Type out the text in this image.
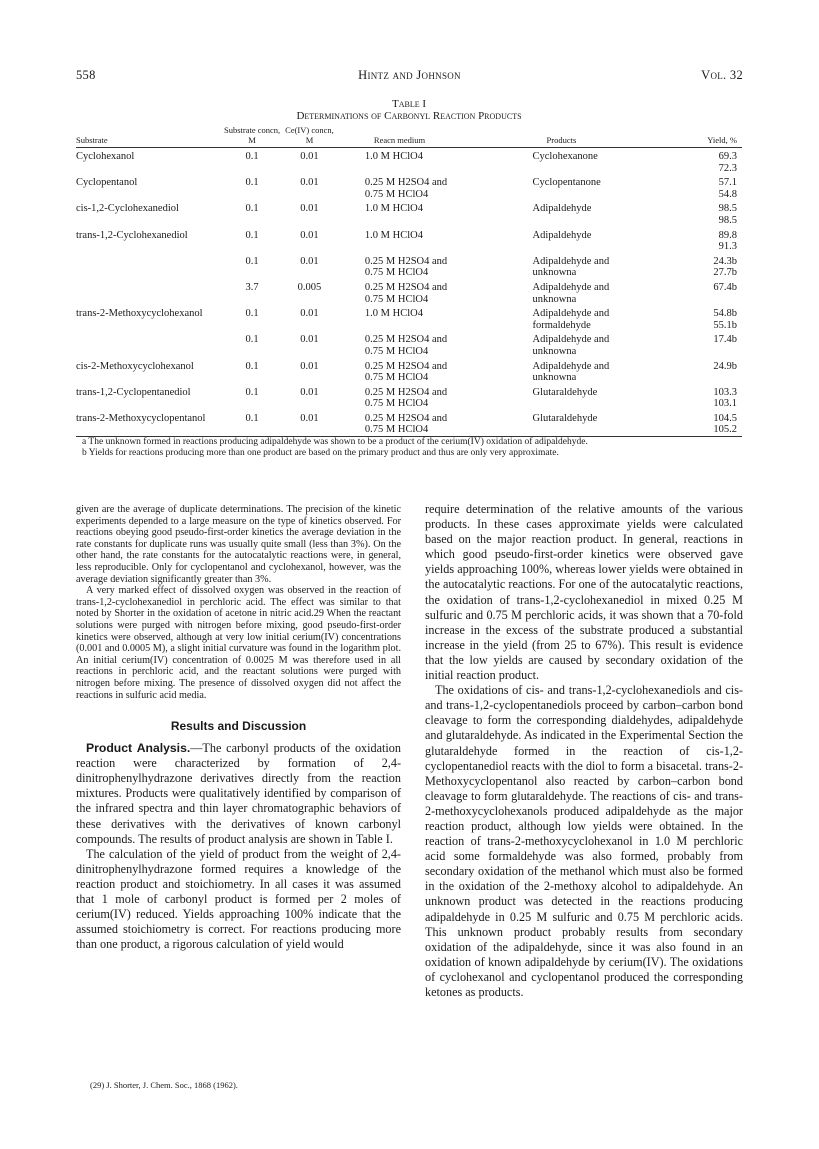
558	Hintz and Johnson	Vol. 32
Table I
Determinations of Carbonyl Reaction Products
Substrate	Substrate concn, M	Ce(IV) concn, M	Reacn medium	Products	Yield, %
Cyclohexanol	0.1	0.01	1.0 M HClO4	Cyclohexanone	69.3
					72.3
Cyclopentanol	0.1	0.01	0.25 M H2SO4 and	Cyclopentanone	57.1
			0.75 M HClO4		54.8
cis-1,2-Cyclohexanediol	0.1	0.01	1.0 M HClO4	Adipaldehyde	98.5
					98.5
trans-1,2-Cyclohexanediol	0.1	0.01	1.0 M HClO4	Adipaldehyde	89.8
					91.3
	0.1	0.01	0.25 M H2SO4 and	Adipaldehyde and	24.3b
			0.75 M HClO4	unknowna	27.7b
	3.7	0.005	0.25 M H2SO4 and	Adipaldehyde and	67.4b
			0.75 M HClO4	unknowna	
trans-2-Methoxycyclohexanol	0.1	0.01	1.0 M HClO4	Adipaldehyde and	54.8b
				formaldehyde	55.1b
	0.1	0.01	0.25 M H2SO4 and	Adipaldehyde and	17.4b
			0.75 M HClO4	unknowna	
cis-2-Methoxycyclohexanol	0.1	0.01	0.25 M H2SO4 and	Adipaldehyde and	24.9b
			0.75 M HClO4	unknowna	
trans-1,2-Cyclopentanediol	0.1	0.01	0.25 M H2SO4 and	Glutaraldehyde	103.3
			0.75 M HClO4		103.1
trans-2-Methoxycyclopentanol	0.1	0.01	0.25 M H2SO4 and	Glutaraldehyde	104.5
			0.75 M HClO4		105.2
a The unknown formed in reactions producing adipaldehyde was shown to be a product of the cerium(IV) oxidation of adipaldehyde.
b Yields for reactions producing more than one product are based on the primary product and thus are only very approximate.

given are the average of duplicate determinations. The precision of the kinetic experiments depended to a large measure on the type of kinetics observed. For reactions obeying good pseudo-first-order kinetics the average deviation in the rate constants for duplicate runs was usually quite small (less than 3%). On the other hand, the rate constants for the autocatalytic reactions were, in general, less reproducible. Only for cyclopentanol and cyclohexanol, however, was the average deviation significantly greater than 3%.

A very marked effect of dissolved oxygen was observed in the reaction of trans-1,2-cyclohexanediol in perchloric acid. The effect was similar to that noted by Shorter in the oxidation of acetone in nitric acid.29 When the reactant solutions were purged with nitrogen before mixing, good pseudo-first-order kinetics were observed, although at very low initial cerium(IV) concentrations (0.001 and 0.0005 M), a slight initial curvature was found in the logarithm plot. An initial cerium(IV) concentration of 0.0025 M was therefore used in all reactions in perchloric acid, and the reactant solutions were purged with nitrogen before mixing. The presence of dissolved oxygen did not affect the reactions in sulfuric acid media.

Results and Discussion

Product Analysis.—The carbonyl products of the oxidation reaction were characterized by formation of 2,4-dinitrophenylhydrazone derivatives directly from the reaction mixtures. Products were qualitatively identified by comparison of the infrared spectra and thin layer chromatographic behaviors of these derivatives with the derivatives of known carbonyl compounds. The results of product analysis are shown in Table I.

The calculation of the yield of product from the weight of 2,4-dinitrophenylhydrazone formed requires a knowledge of the reaction product and stoichiometry. In all cases it was assumed that 1 mole of carbonyl product is formed per 2 moles of cerium(IV) reduced. Yields approaching 100% indicate that the assumed stoichiometry is correct. For reactions producing more than one product, a rigorous calculation of yield would

(29) J. Shorter, J. Chem. Soc., 1868 (1962).

require determination of the relative amounts of the various products. In these cases approximate yields were calculated based on the major reaction product. In general, reactions in which good pseudo-first-order kinetics were observed gave yields approaching 100%, whereas lower yields were obtained in the autocatalytic reactions. For one of the autocatalytic reactions, the oxidation of trans-1,2-cyclohexanediol in mixed 0.25 M sulfuric and 0.75 M perchloric acids, it was shown that a 70-fold increase in the excess of the substrate produced a substantial increase in the yield (from 25 to 67%). This result is evidence that the low yields are caused by secondary oxidation of the initial reaction product.

The oxidations of cis- and trans-1,2-cyclohexanediols and cis- and trans-1,2-cyclopentanediols proceed by carbon–carbon bond cleavage to form the corresponding dialdehydes, adipaldehyde and glutaraldehyde. As indicated in the Experimental Section the glutaraldehyde formed in the reaction of cis-1,2-cyclopentanediol reacts with the diol to form a bisacetal. trans-2-Methoxycyclopentanol also reacted by carbon–carbon bond cleavage to form glutaraldehyde. The reactions of cis- and trans-2-methoxycyclohexanols produced adipaldehyde as the major reaction product, although low yields were obtained. In the reaction of trans-2-methoxycyclohexanol in 1.0 M perchloric acid some formaldehyde was also formed, probably from secondary oxidation of the methanol which must also be formed in the oxidation of the 2-methoxy alcohol to adipaldehyde. An unknown product was detected in the reactions producing adipaldehyde in 0.25 M sulfuric and 0.75 M perchloric acids. This unknown product probably results from secondary oxidation of the adipaldehyde, since it was also found in an oxidation of known adipaldehyde by cerium(IV). The oxidations of cyclohexanol and cyclopentanol produced the corresponding ketones as products.
